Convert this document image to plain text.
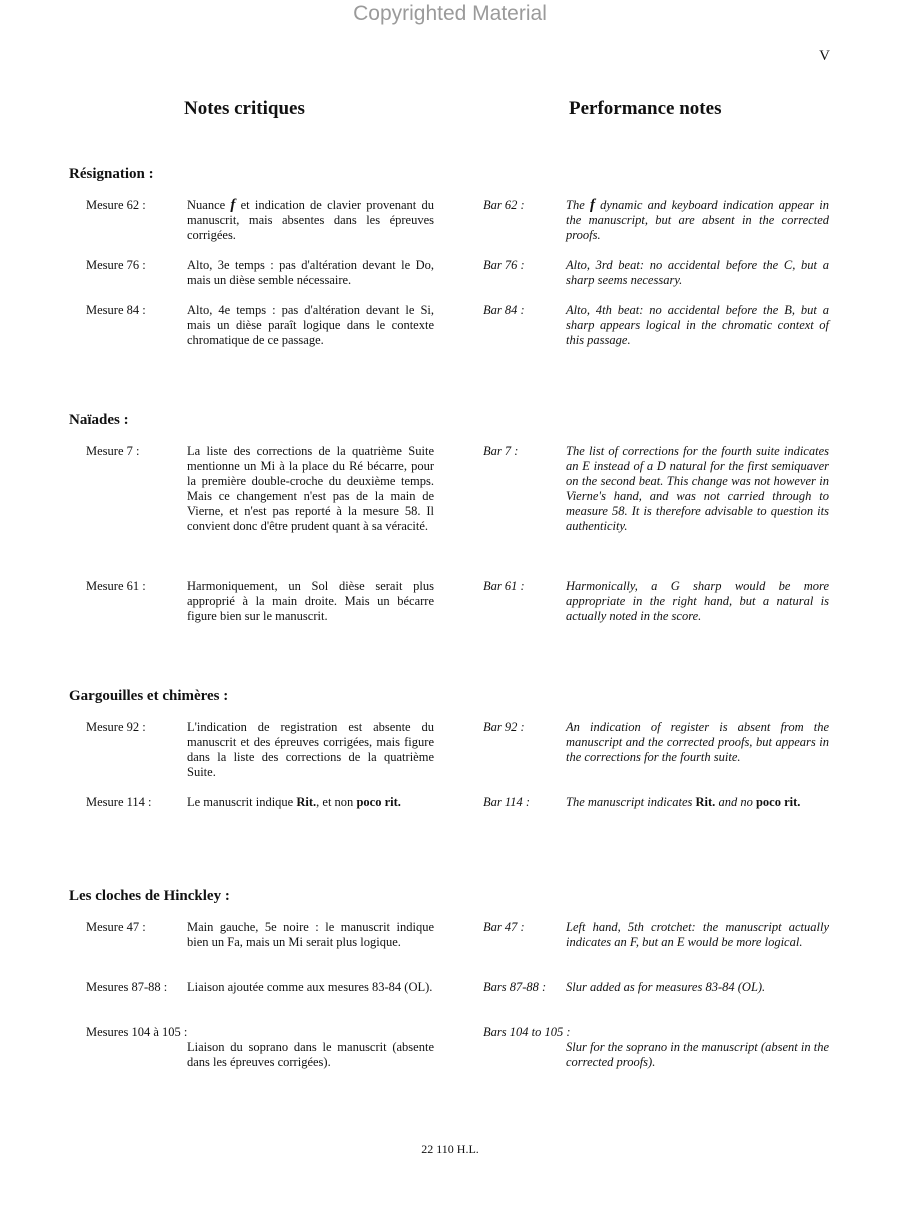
Copyrighted Material
V
Notes critiques	Performance notes
Résignation :
Mesure 62 :	Nuance f et indication de clavier provenant du manuscrit, mais absentes dans les épreuves corrigées.
Bar 62 :	The f dynamic and keyboard indication appear in the manuscript, but are absent in the corrected proofs.
Mesure 76 :	Alto, 3e temps : pas d'altération devant le Do, mais un dièse semble nécessaire.
Bar 76 :	Alto, 3rd beat: no accidental before the C, but a sharp seems necessary.
Mesure 84 :	Alto, 4e temps : pas d'altération devant le Si, mais un dièse paraît logique dans le contexte chromatique de ce passage.
Bar 84 :	Alto, 4th beat: no accidental before the B, but a sharp appears logical in the chromatic context of this passage.
Naïades :
Mesure 7 :	La liste des corrections de la quatrième Suite mentionne un Mi à la place du Ré bécarre, pour la première double-croche du deuxième temps. Mais ce changement n'est pas de la main de Vierne, et n'est pas reporté à la mesure 58. Il convient donc d'être prudent quant à sa véracité.
Bar 7 :	The list of corrections for the fourth suite indicates an E instead of a D natural for the first semiquaver on the second beat. This change was not however in Vierne's hand, and was not carried through to measure 58. It is therefore advisable to question its authenticity.
Mesure 61 :	Harmoniquement, un Sol dièse serait plus approprié à la main droite. Mais un bécarre figure bien sur le manuscrit.
Bar 61 :	Harmonically, a G sharp would be more appropriate in the right hand, but a natural is actually noted in the score.
Gargouilles et chimères :
Mesure 92 :	L'indication de registration est absente du manuscrit et des épreuves corrigées, mais figure dans la liste des corrections de la quatrième Suite.
Bar 92 :	An indication of register is absent from the manuscript and the corrected proofs, but appears in the corrections for the fourth suite.
Mesure 114 :	Le manuscrit indique Rit., et non poco rit.	Bar 114 :	The manuscript indicates Rit. and no poco rit.
Les cloches de Hinckley :
Mesure 47 :	Main gauche, 5e noire : le manuscrit indique bien un Fa, mais un Mi serait plus logique.
Bar 47 :	Left hand, 5th crotchet: the manuscript actually indicates an F, but an E would be more logical.
Mesures 87-88 :	Liaison ajoutée comme aux mesures 83-84 (OL).	Bars 87-88 : Slur added as for measures 83-84 (OL).
Mesures 104 à 105 :
Liaison du soprano dans le manuscrit (absente dans les épreuves corrigées).
Bars 104 to 105 :
Slur for the soprano in the manuscript (absent in the corrected proofs).
22 110 H.L.
